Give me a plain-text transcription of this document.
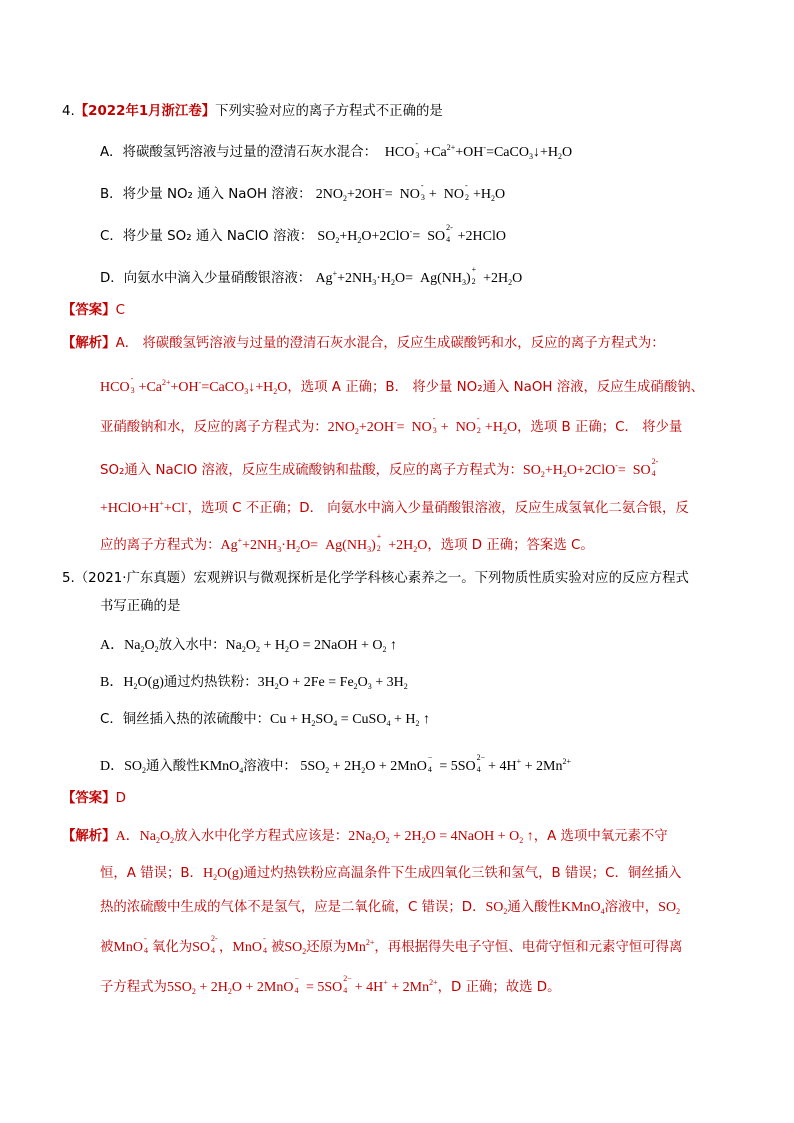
4.【2022年1月浙江卷】下列实验对应的离子方程式不正确的是
A．将碳酸氢钙溶液与过量的澄清石灰水混合：  HCO
-
$3 +Ca^{2+}+OH^-=CaCO_3↓+H_2O$
B．将少量 NO₂ 通入 NaOH 溶液： $2NO_2+2OH^-=$  NO
-
3 +  NO
-
$2 +H_2O$
C．将少量 SO₂ 通入 NaClO 溶液： $SO_2+H_2O+2ClO^-=$  SO
2-
4 +2HClO
D．向氨水中滴入少量硝酸银溶液： $Ag^++2NH_3\cdot H_2O= Ag(NH_3)$
+
$2 +2H_2O$
【答案】C
【解析】A． 将碳酸氢钙溶液与过量的澄清石灰水混合，反应生成碳酸钙和水，反应的离子方程式为：
HCO
-
$3 +Ca^{2+}+OH^-=CaCO_3↓+H_2O$，选项 A 正确；B． 将少量 NO₂通入 NaOH 溶液，反应生成硝酸钠、
亚硝酸钠和水，反应的离子方程式为：$2NO_2+2OH^-=$  NO
-
3 +  NO
-
$2 +H_2O$，选项 B 正确；C． 将少量
SO₂通入 NaClO 溶液，反应生成硫酸钠和盐酸，反应的离子方程式为：$SO_2+H_2O+2ClO^-=$  SO
2-
4
+HClO+H++Cl-，选项 C 不正确；D． 向氨水中滴入少量硝酸银溶液，反应生成氢氧化二氨合银，反
应的离子方程式为：$Ag^++2NH_3\cdot H_2O= Ag(NH_3)$
+
$2 +2H_2O$，选项 D 正确；答案选 C。
5.（2021·广东真题）宏观辨识与微观探析是化学学科核心素养之一。下列物质性质实验对应的反应方程式
书写正确的是
A．$Na_2O_2$放入水中：$Na_2O_2 + H_2O$ = 2NaOH + $O_2$ ↑
B．$H_2O(g)$通过灼热铁粉：$3H_2O + 2Fe = Fe_2O_3 + 3H_2$
C．铜丝插入热的浓硫酸中：$Cu + H_2SO_4$ = CuSO$_4$ + $H_2$ ↑
D．$SO_2$通入酸性KMnO$_4$溶液中： $5SO_2 + 2H_2O + 2MnO$
−
4 = 5SO
2−
$4 + 4H^+ + 2Mn^{2+}$
【答案】D
【解析】A．$Na_2O_2$放入水中化学方程式应该是：$2Na_2O_2 + 2H_2O$ = 4NaOH + $O_2$ ↑，A 选项中氧元素不守
恒，A 错误；B．$H_2O(g)$通过灼热铁粉应高温条件下生成四氧化三铁和氢气，B 错误；C．铜丝插入
热的浓硫酸中生成的气体不是氢气，应是二氧化硫，C 错误；D．$SO_2$通入酸性KMnO$_4$溶液中，$SO_2$
被MnO
-
4 氧化为SO
2-
4 ，MnO
-
4 被$SO_2$还原为$Mn^{2+}$，再根据得失电子守恒、电荷守恒和元素守恒可得离
子方程式为$5SO_2 + 2H_2O + 2MnO$
−
4 = 5SO
2−
$4 + 4H^+ + 2Mn^{2+}$，D 正确；故选 D。
